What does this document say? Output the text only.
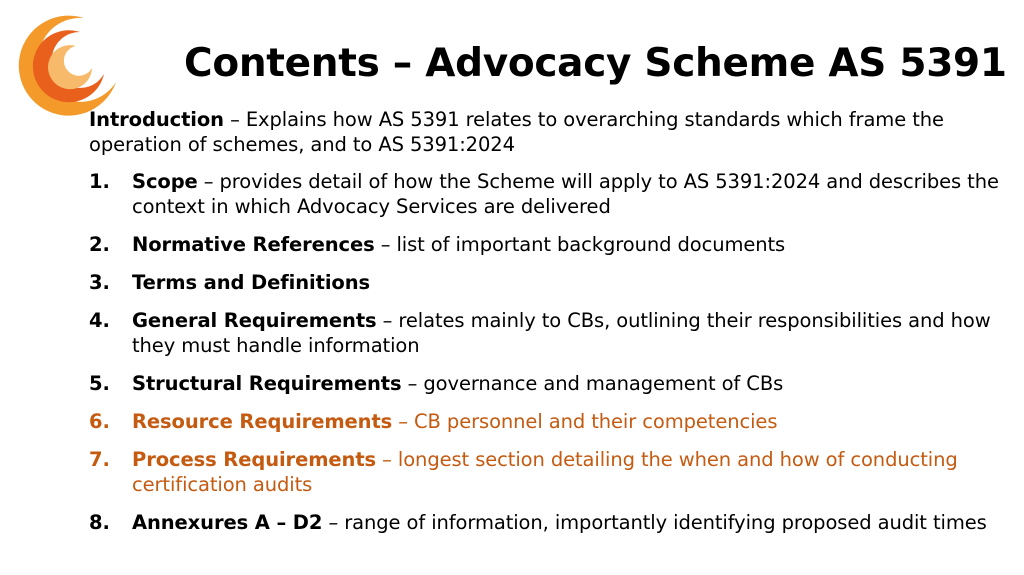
Contents – Advocacy Scheme AS 5391

Introduction – Explains how AS 5391 relates to overarching standards which frame the operation of schemes, and to AS 5391:2024

1.	Scope – provides detail of how the Scheme will apply to AS 5391:2024 and describes the context in which Advocacy Services are delivered
2.	Normative References – list of important background documents
3.	Terms and Definitions
4.	General Requirements – relates mainly to CBs, outlining their responsibilities and how they must handle information
5.	Structural Requirements – governance and management of CBs
6.	Resource Requirements – CB personnel and their competencies
7.	Process Requirements – longest section detailing the when and how of conducting certification audits
8.	Annexures A – D2 – range of information, importantly identifying proposed audit times
